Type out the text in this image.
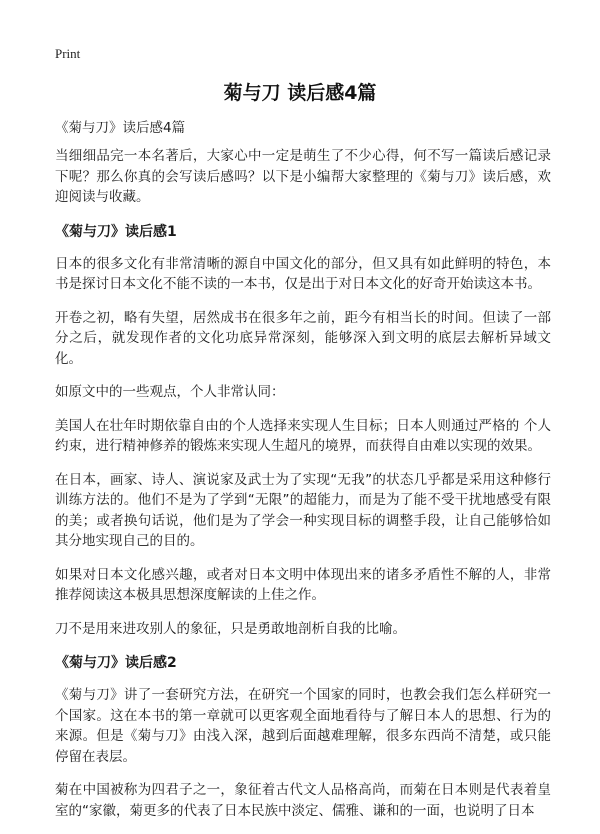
Print
菊与刀 读后感4篇
《菊与刀》读后感4篇

当细细品完一本名著后，大家心中一定是萌生了不少心得，何不写一篇读后感记录下呢？那么你真的会写读后感吗？以下是小编帮大家整理的《菊与刀》读后感，欢迎阅读与收藏。

《菊与刀》读后感1

日本的很多文化有非常清晰的源自中国文化的部分，但又具有如此鲜明的特色，本书是探讨日本文化不能不读的一本书，仅是出于对日本文化的好奇开始读这本书。

开卷之初，略有失望，居然成书在很多年之前，距今有相当长的时间。但读了一部分之后，就发现作者的文化功底异常深刻，能够深入到文明的底层去解析异域文化。

如原文中的一些观点，个人非常认同：

美国人在壮年时期依靠自由的个人选择来实现人生目标；日本人则通过严格的 个人约束，进行精神修养的锻炼来实现人生超凡的境界，而获得自由难以实现的效果。

在日本，画家、诗人、演说家及武士为了实现“无我”的状态几乎都是采用这种修行训练方法的。他们不是为了学到“无限”的超能力，而是为了能不受干扰地感受有限的美；或者换句话说，他们是为了学会一种实现目标的调整手段，让自己能够恰如其分地实现自己的目的。

如果对日本文化感兴趣，或者对日本文明中体现出来的诸多矛盾性不解的人，非常推荐阅读这本极具思想深度解读的上佳之作。

刀不是用来进攻别人的象征，只是勇敢地剖析自我的比喻。

《菊与刀》读后感2

《菊与刀》讲了一套研究方法，在研究一个国家的同时，也教会我们怎么样研究一个国家。这在本书的第一章就可以更客观全面地看待与了解日本人的思想、行为的来源。但是《菊与刀》由浅入深，越到后面越难理解，很多东西尚不清楚，或只能停留在表层。

菊在中国被称为四君子之一，象征着古代文人品格高尚，而菊在日本则是代表着皇室的“家徽，菊更多的代表了日本民族中淡定、儒雅、谦和的一面，也说明了日本
